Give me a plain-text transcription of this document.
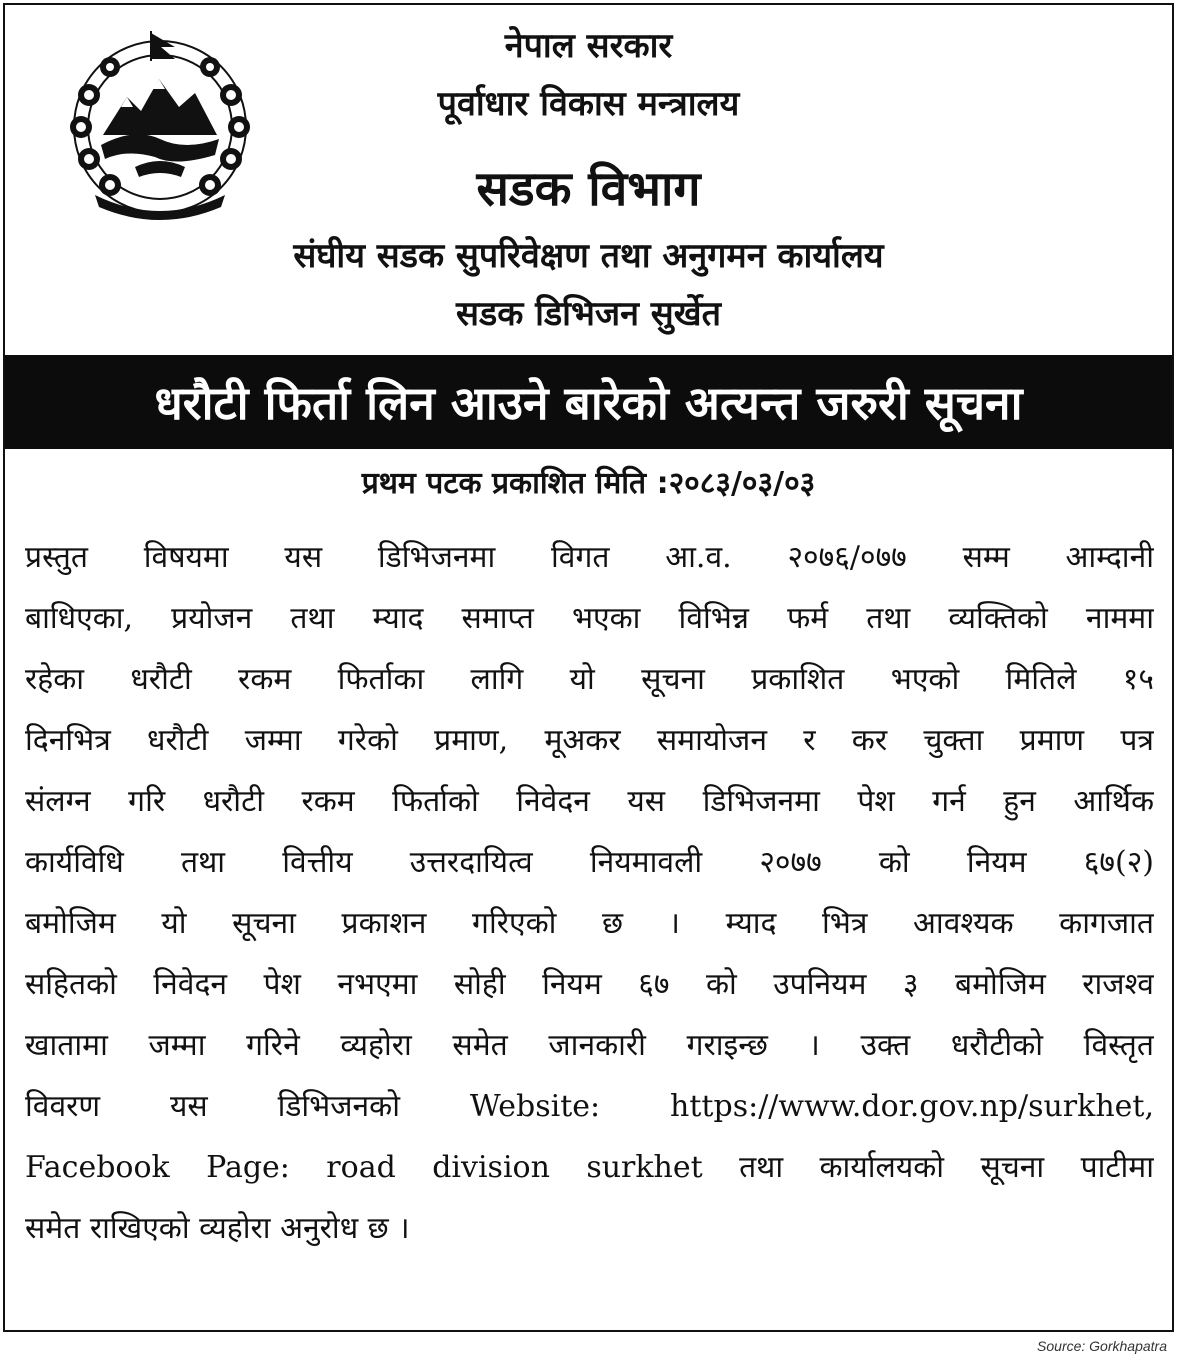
नेपाल सरकार
पूर्वाधार विकास मन्त्रालय
सडक विभाग
संघीय सडक सुपरिवेक्षण तथा अनुगमन कार्यालय
सडक डिभिजन सुर्खेत
धरौटी फिर्ता लिन आउने बारेको अत्यन्त जरुरी सूचना
प्रथम पटक प्रकाशित मिति :२०८३/०३/०३
प्रस्तुत विषयमा यस डिभिजनमा विगत आ.व. २०७६/०७७ सम्म आम्दानी
बाधिएका, प्रयोजन तथा म्याद समाप्त भएका विभिन्न फर्म तथा व्यक्तिको नाममा
रहेका धरौटी रकम फिर्ताका लागि यो सूचना प्रकाशित भएको मितिले १५
दिनभित्र धरौटी जम्मा गरेको प्रमाण, मूअकर समायोजन र कर चुक्ता प्रमाण पत्र
संलग्न गरि धरौटी रकम फिर्ताको निवेदन यस डिभिजनमा पेश गर्न हुन आर्थिक
कार्यविधि तथा वित्तीय उत्तरदायित्व नियमावली २०७७ को नियम ६७(२)
बमोजिम यो सूचना प्रकाशन गरिएको छ । म्याद भित्र आवश्यक कागजात
सहितको निवेदन पेश नभएमा सोही नियम ६७ को उपनियम ३ बमोजिम राजश्व
खातामा जम्मा गरिने व्यहोरा समेत जानकारी गराइन्छ । उक्त धरौटीको विस्तृत
विवरण यस डिभिजनको Website: https://www.dor.gov.np/surkhet,
Facebook Page: road division surkhet तथा कार्यालयको सूचना पाटीमा
समेत राखिएको व्यहोरा अनुरोध छ ।
Source: Gorkhapatra
